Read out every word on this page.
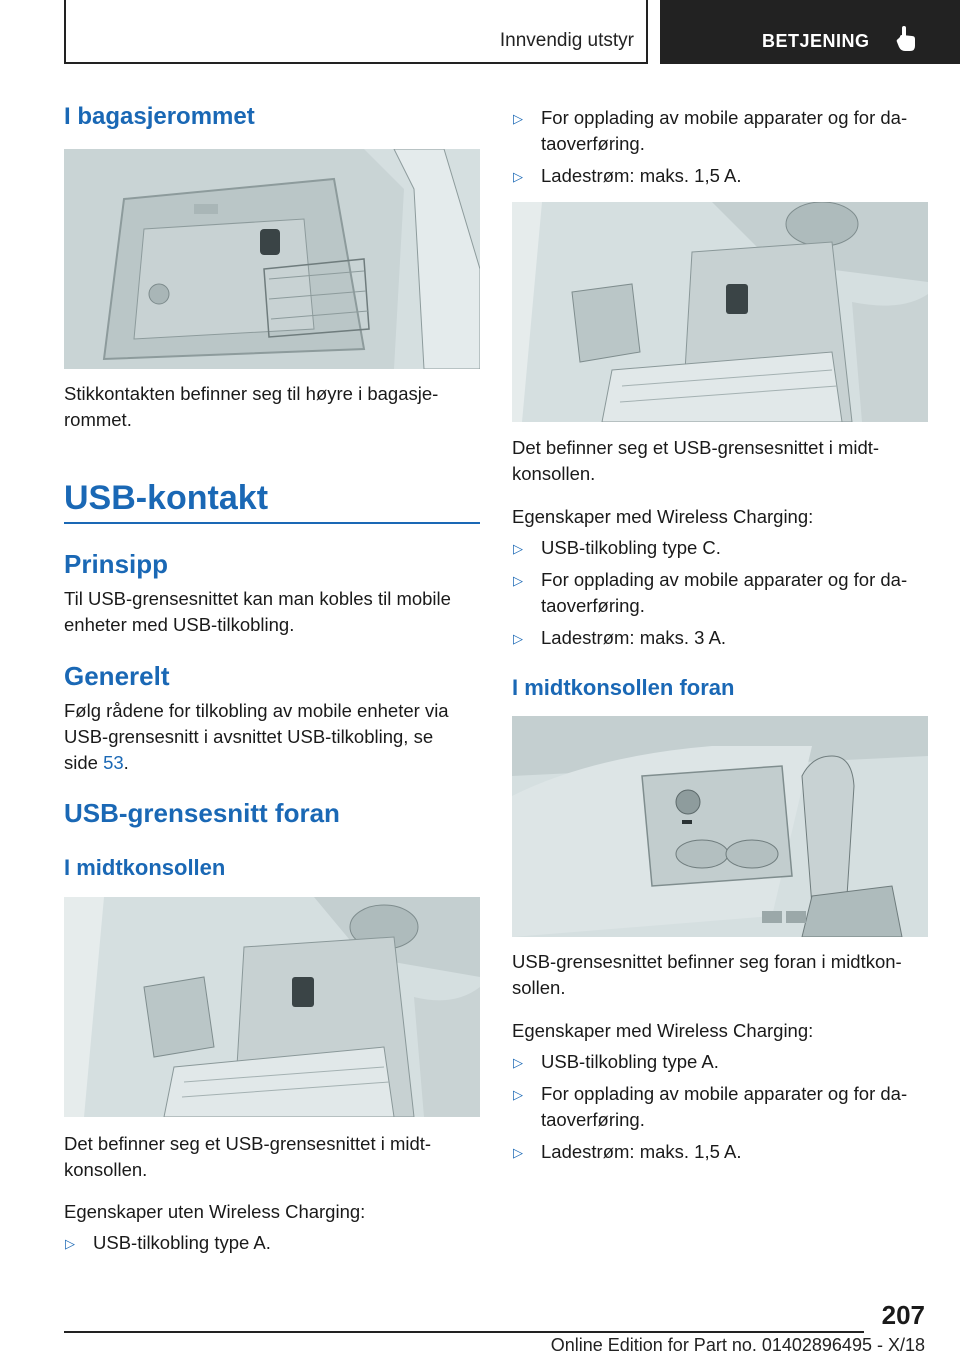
Innvendig utstyr	BETJENING
I bagasjerommet

Stikkontakten befinner seg til høyre i bagasje-
rommet.

USB-kontakt
Prinsipp

Til USB-grensesnittet kan man kobles til mobile
enheter med USB-tilkobling.

Generelt

Følg rådene for tilkobling av mobile enheter via
USB-grensesnitt i avsnittet USB-tilkobling, se
side 53.

USB-grensesnitt foran
I midtkonsollen

Det befinner seg et USB-grensesnittet i midt-
konsollen.

Egenskaper uten Wireless Charging:

▷ USB-tilkobling type A.
▷ For opplading av mobile apparater og for da-
taoverføring.
▷ Ladestrøm: maks. 1,5 A.

Det befinner seg et USB-grensesnittet i midt-
konsollen.

Egenskaper med Wireless Charging:

▷ USB-tilkobling type C.
▷ For opplading av mobile apparater og for da-
taoverføring.
▷ Ladestrøm: maks. 3 A.
I midtkonsollen foran

USB-grensesnittet befinner seg foran i midtkon-
sollen.

Egenskaper med Wireless Charging:

▷ USB-tilkobling type A.
▷ For opplading av mobile apparater og for da-
taoverføring.
▷ Ladestrøm: maks. 1,5 A.
207
Online Edition for Part no. 01402896495 - X/18
